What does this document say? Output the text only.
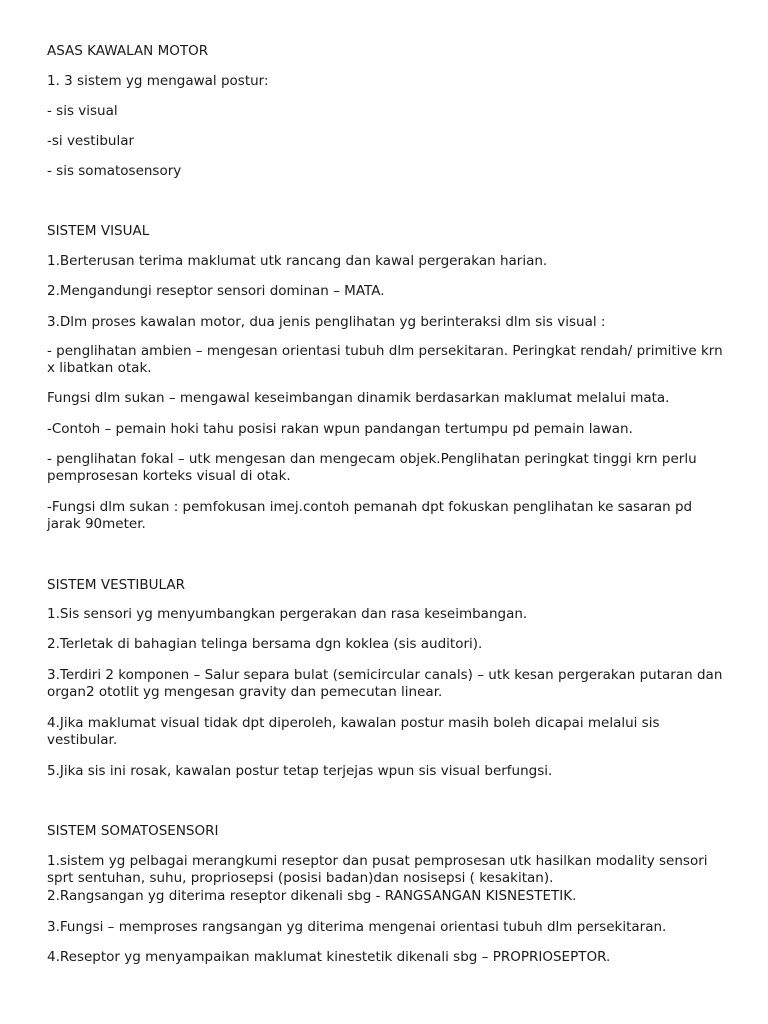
ASAS KAWALAN MOTOR
1. 3 sistem yg mengawal postur:
- sis visual
-si vestibular
- sis somatosensory
SISTEM VISUAL
1.Berterusan terima maklumat utk rancang dan kawal pergerakan harian.
2.Mengandungi reseptor sensori dominan – MATA.
3.Dlm proses kawalan motor, dua jenis penglihatan yg berinteraksi dlm sis visual :
- penglihatan ambien – mengesan orientasi tubuh dlm persekitaran. Peringkat rendah/ primitive krn x libatkan otak.
Fungsi dlm sukan – mengawal keseimbangan dinamik berdasarkan maklumat melalui mata.
-Contoh – pemain hoki tahu posisi rakan wpun pandangan tertumpu pd pemain lawan.
- penglihatan fokal – utk mengesan dan mengecam objek.Penglihatan peringkat tinggi krn perlu pemprosesan korteks visual di otak.
-Fungsi dlm sukan : pemfokusan imej.contoh pemanah dpt fokuskan penglihatan ke sasaran pd jarak 90meter.
SISTEM VESTIBULAR
1.Sis sensori yg menyumbangkan pergerakan dan rasa keseimbangan.
2.Terletak di bahagian telinga bersama dgn koklea (sis auditori).
3.Terdiri 2 komponen – Salur separa bulat (semicircular canals) – utk kesan pergerakan putaran dan organ2 ototlit yg mengesan gravity dan pemecutan linear.
4.Jika maklumat visual tidak dpt diperoleh, kawalan postur masih boleh dicapai melalui sis vestibular.
5.Jika sis ini rosak, kawalan postur tetap terjejas wpun sis visual berfungsi.
SISTEM SOMATOSENSORI
1.sistem yg pelbagai merangkumi reseptor dan pusat pemprosesan utk hasilkan modality sensori sprt sentuhan, suhu, propriosepsi (posisi badan)dan nosisepsi ( kesakitan).
2.Rangsangan yg diterima reseptor dikenali sbg - RANGSANGAN KISNESTETIK.
3.Fungsi – memproses rangsangan yg diterima mengenai orientasi tubuh dlm persekitaran.
4.Reseptor yg menyampaikan maklumat kinestetik dikenali sbg – PROPRIOSEPTOR.
